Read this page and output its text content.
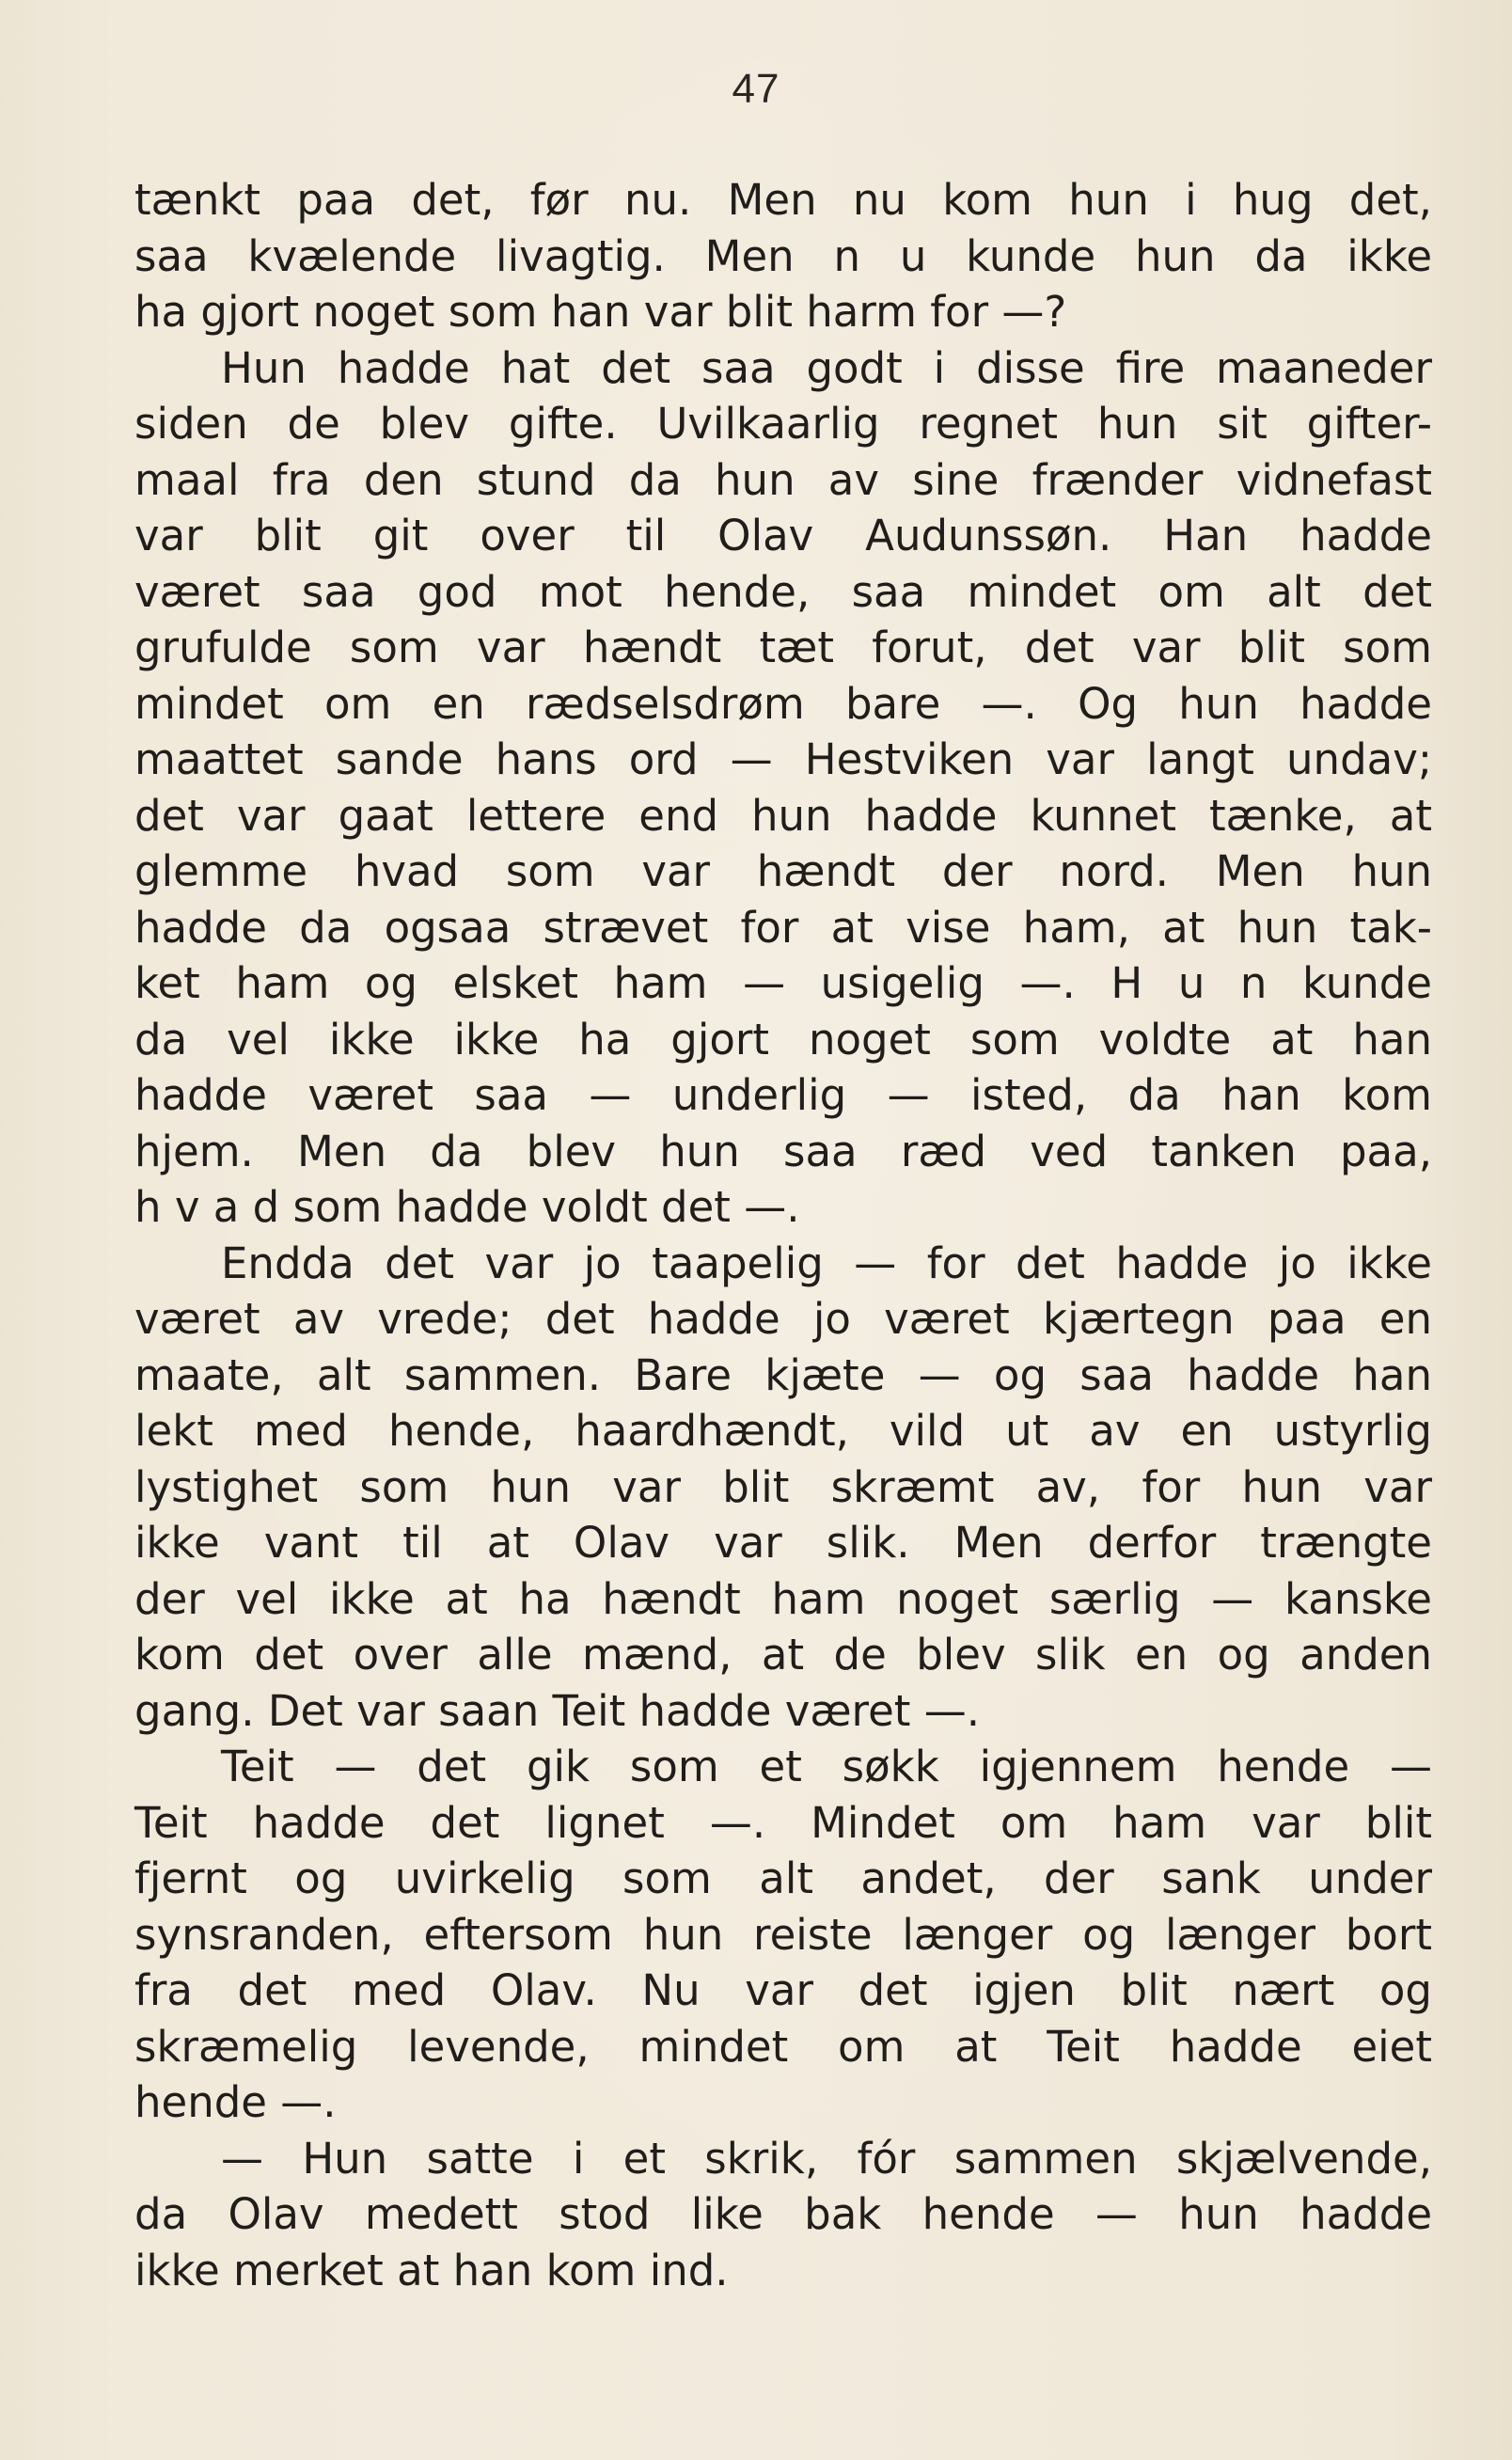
47
tænkt paa det, før nu. Men nu kom hun i hug det,
saa kvælende livagtig. Men n u kunde hun da ikke
ha gjort noget som han var blit harm for —?
Hun hadde hat det saa godt i disse fire maaneder
siden de blev gifte. Uvilkaarlig regnet hun sit gifter-
maal fra den stund da hun av sine frænder vidnefast
var blit git over til Olav Audunssøn. Han hadde
været saa god mot hende, saa mindet om alt det
grufulde som var hændt tæt forut, det var blit som
mindet om en rædselsdrøm bare —. Og hun hadde
maattet sande hans ord — Hestviken var langt undav;
det var gaat lettere end hun hadde kunnet tænke, at
glemme hvad som var hændt der nord. Men hun
hadde da ogsaa strævet for at vise ham, at hun tak-
ket ham og elsket ham — usigelig —. H u n kunde
da vel ikke ikke ha gjort noget som voldte at han
hadde været saa — underlig — isted, da han kom
hjem. Men da blev hun saa ræd ved tanken paa,
h v a d som hadde voldt det —.
Endda det var jo taapelig — for det hadde jo ikke
været av vrede; det hadde jo været kjærtegn paa en
maate, alt sammen. Bare kjæte — og saa hadde han
lekt med hende, haardhændt, vild ut av en ustyrlig
lystighet som hun var blit skræmt av, for hun var
ikke vant til at Olav var slik. Men derfor trængte
der vel ikke at ha hændt ham noget særlig — kanske
kom det over alle mænd, at de blev slik en og anden
gang. Det var saan Teit hadde været —.
Teit — det gik som et søkk igjennem hende —
Teit hadde det lignet —. Mindet om ham var blit
fjernt og uvirkelig som alt andet, der sank under
synsranden, eftersom hun reiste længer og længer bort
fra det med Olav. Nu var det igjen blit nært og
skræmelig levende, mindet om at Teit hadde eiet
hende —.
— Hun satte i et skrik, fór sammen skjælvende,
da Olav medett stod like bak hende — hun hadde
ikke merket at han kom ind.
